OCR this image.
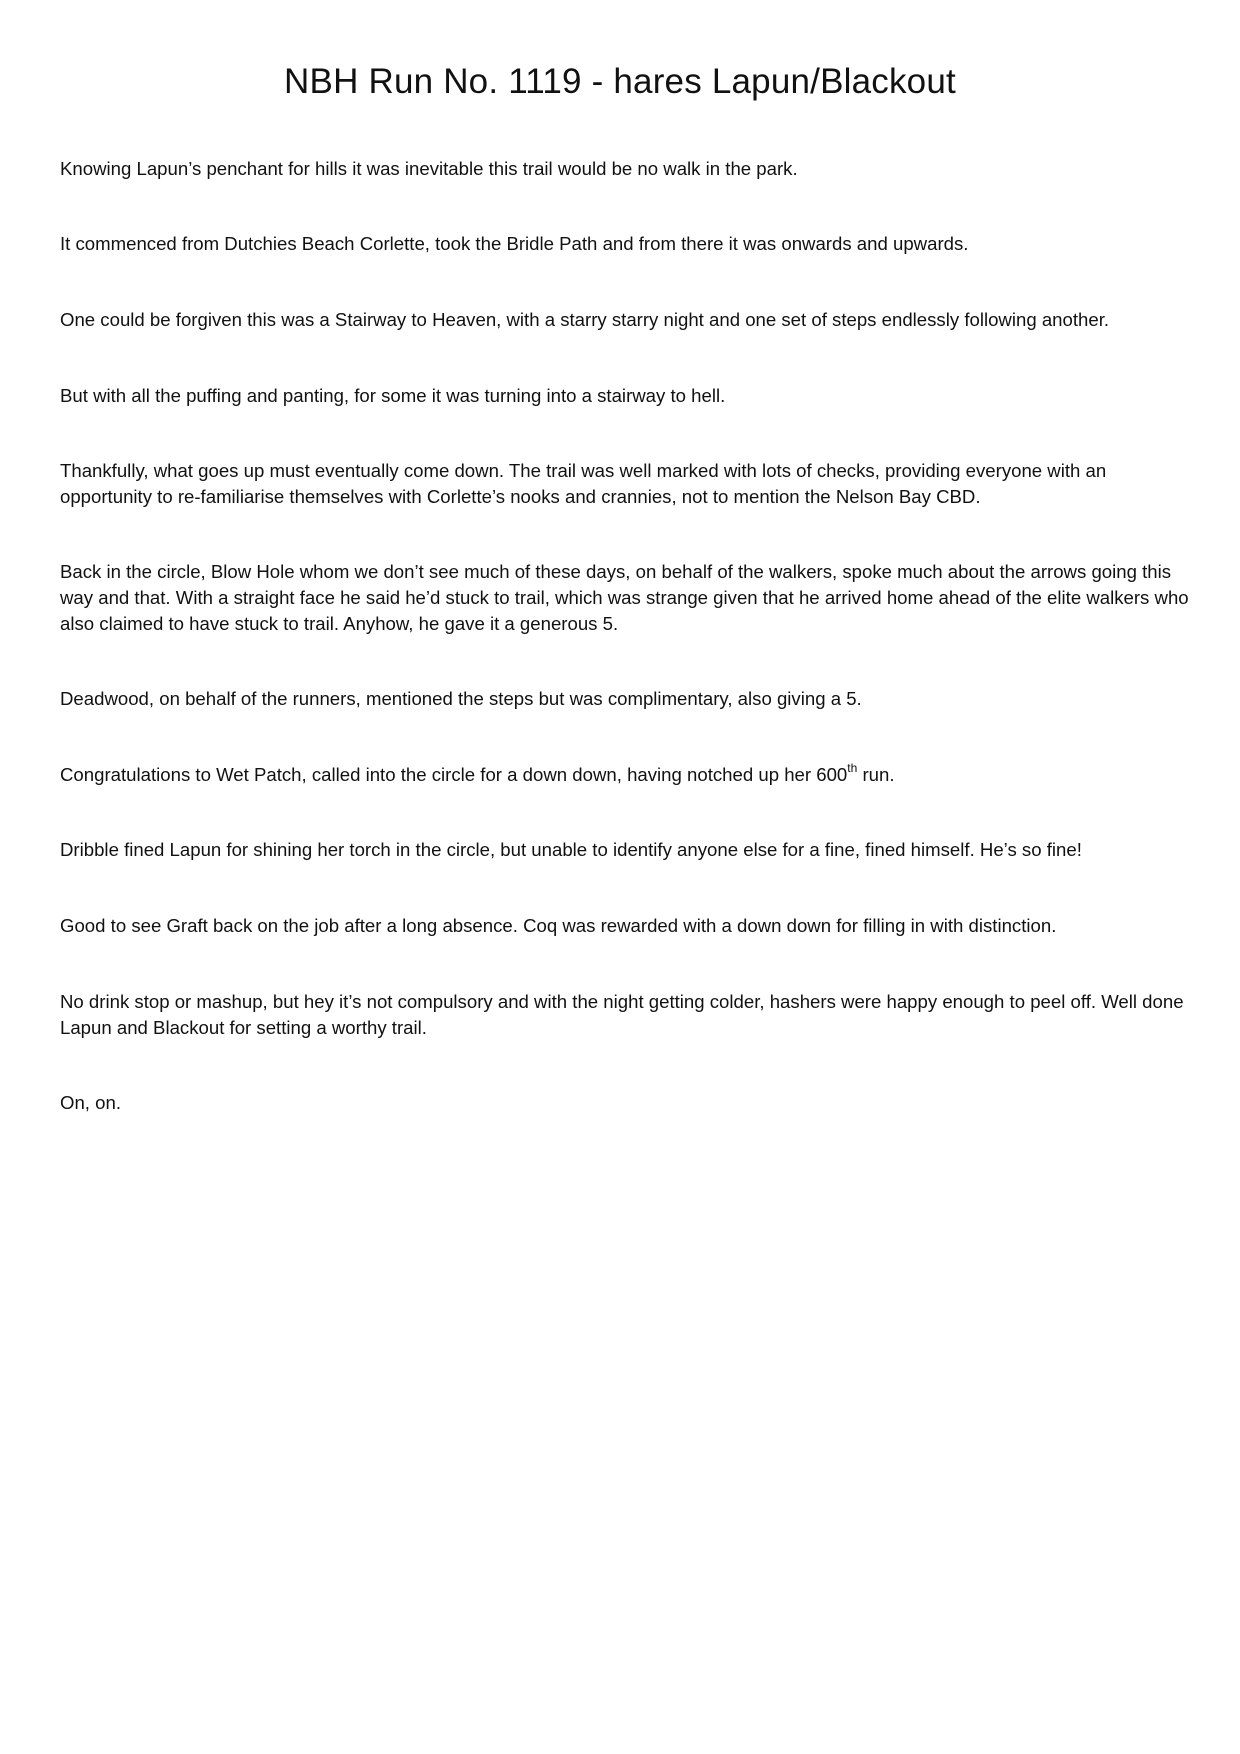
NBH Run No. 1119 - hares Lapun/Blackout

Knowing Lapun’s penchant for hills it was inevitable this trail would be no walk in the park.

It commenced from Dutchies Beach Corlette, took the Bridle Path and from there it was onwards and upwards.

One could be forgiven this was a Stairway to Heaven, with a starry starry night and one set of steps endlessly following another.

But with all the puffing and panting, for some it was turning into a stairway to hell.

Thankfully, what goes up must eventually come down. The trail was well marked with lots of checks, providing everyone with an opportunity to re-familiarise themselves with Corlette’s nooks and crannies, not to mention the Nelson Bay CBD.

Back in the circle, Blow Hole whom we don’t see much of these days, on behalf of the walkers, spoke much about the arrows going this way and that. With a straight face he said he’d stuck to trail, which was strange given that he arrived home ahead of the elite walkers who also claimed to have stuck to trail. Anyhow, he gave it a generous 5.

Deadwood, on behalf of the runners, mentioned the steps but was complimentary, also giving a 5.

Congratulations to Wet Patch, called into the circle for a down down, having notched up her 600th run.

Dribble fined Lapun for shining her torch in the circle, but unable to identify anyone else for a fine, fined himself. He’s so fine!

Good to see Graft back on the job after a long absence. Coq was rewarded with a down down for filling in with distinction.

No drink stop or mashup, but hey it’s not compulsory and with the night getting colder, hashers were happy enough to peel off. Well done Lapun and Blackout for setting a worthy trail.

On, on.
